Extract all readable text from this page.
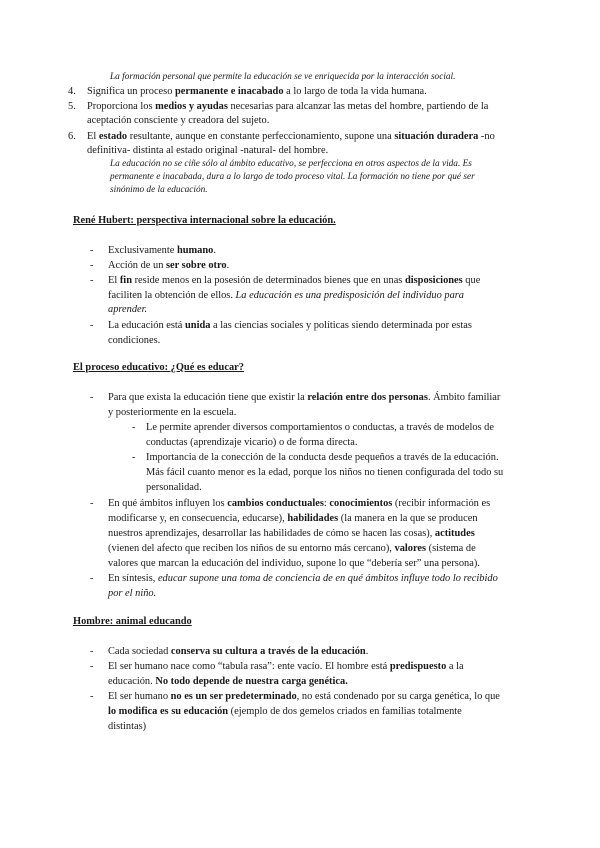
La formación personal que permite la educación se ve enriquecida por la interacción social.
4. Significa un proceso permanente e inacabado a lo largo de toda la vida humana.
5. Proporciona los medios y ayudas necesarias para alcanzar las metas del hombre, partiendo de la
aceptación consciente y creadora del sujeto.
6. El estado resultante, aunque en constante perfeccionamiento, supone una situación duradera -no
definitiva- distinta al estado original -natural- del hombre.
La educación no se ciñe sólo al ámbito educativo, se perfecciona en otros aspectos de la vida. Es
permanente e inacabada, dura a lo largo de todo proceso vital. La formación no tiene por qué ser
sinónimo de la educación.
René Hubert: perspectiva internacional sobre la educación.
- Exclusivamente humano.
- Acción de un ser sobre otro.
- El fin reside menos en la posesión de determinados bienes que en unas disposiciones que
faciliten la obtención de ellos. La educación es una predisposición del individuo para
aprender.
- La educación está unida a las ciencias sociales y políticas siendo determinada por estas
condiciones.
El proceso educativo: ¿Qué es educar?
- Para que exista la educación tiene que existir la relación entre dos personas. Ámbito familiar
y posteriormente en la escuela.
- Le permite aprender diversos comportamientos o conductas, a través de modelos de
conductas (aprendizaje vicario) o de forma directa.
- Importancia de la conección de la conducta desde pequeños a través de la educación.
Más fácil cuanto menor es la edad, porque los niños no tienen configurada del todo su
personalidad.
- En qué ámbitos influyen los cambios conductuales: conocimientos (recibir información es
modificarse y, en consecuencia, educarse), habilidades (la manera en la que se producen
nuestros aprendizajes, desarrollar las habilidades de cómo se hacen las cosas), actitudes
(vienen del afecto que reciben los niños de su entorno más cercano), valores (sistema de
valores que marcan la educación del individuo, supone lo que “debería ser” una persona).
- En síntesis, educar supone una toma de conciencia de en qué ámbitos influye todo lo recibido
por el niño.
Hombre: animal educando
- Cada sociedad conserva su cultura a través de la educación.
- El ser humano nace como “tabula rasa”: ente vacío. El hombre está predispuesto a la
educación. No todo depende de nuestra carga genética.
- El ser humano no es un ser predeterminado, no está condenado por su carga genética, lo que
lo modifica es su educación (ejemplo de dos gemelos criados en familias totalmente
distintas)
